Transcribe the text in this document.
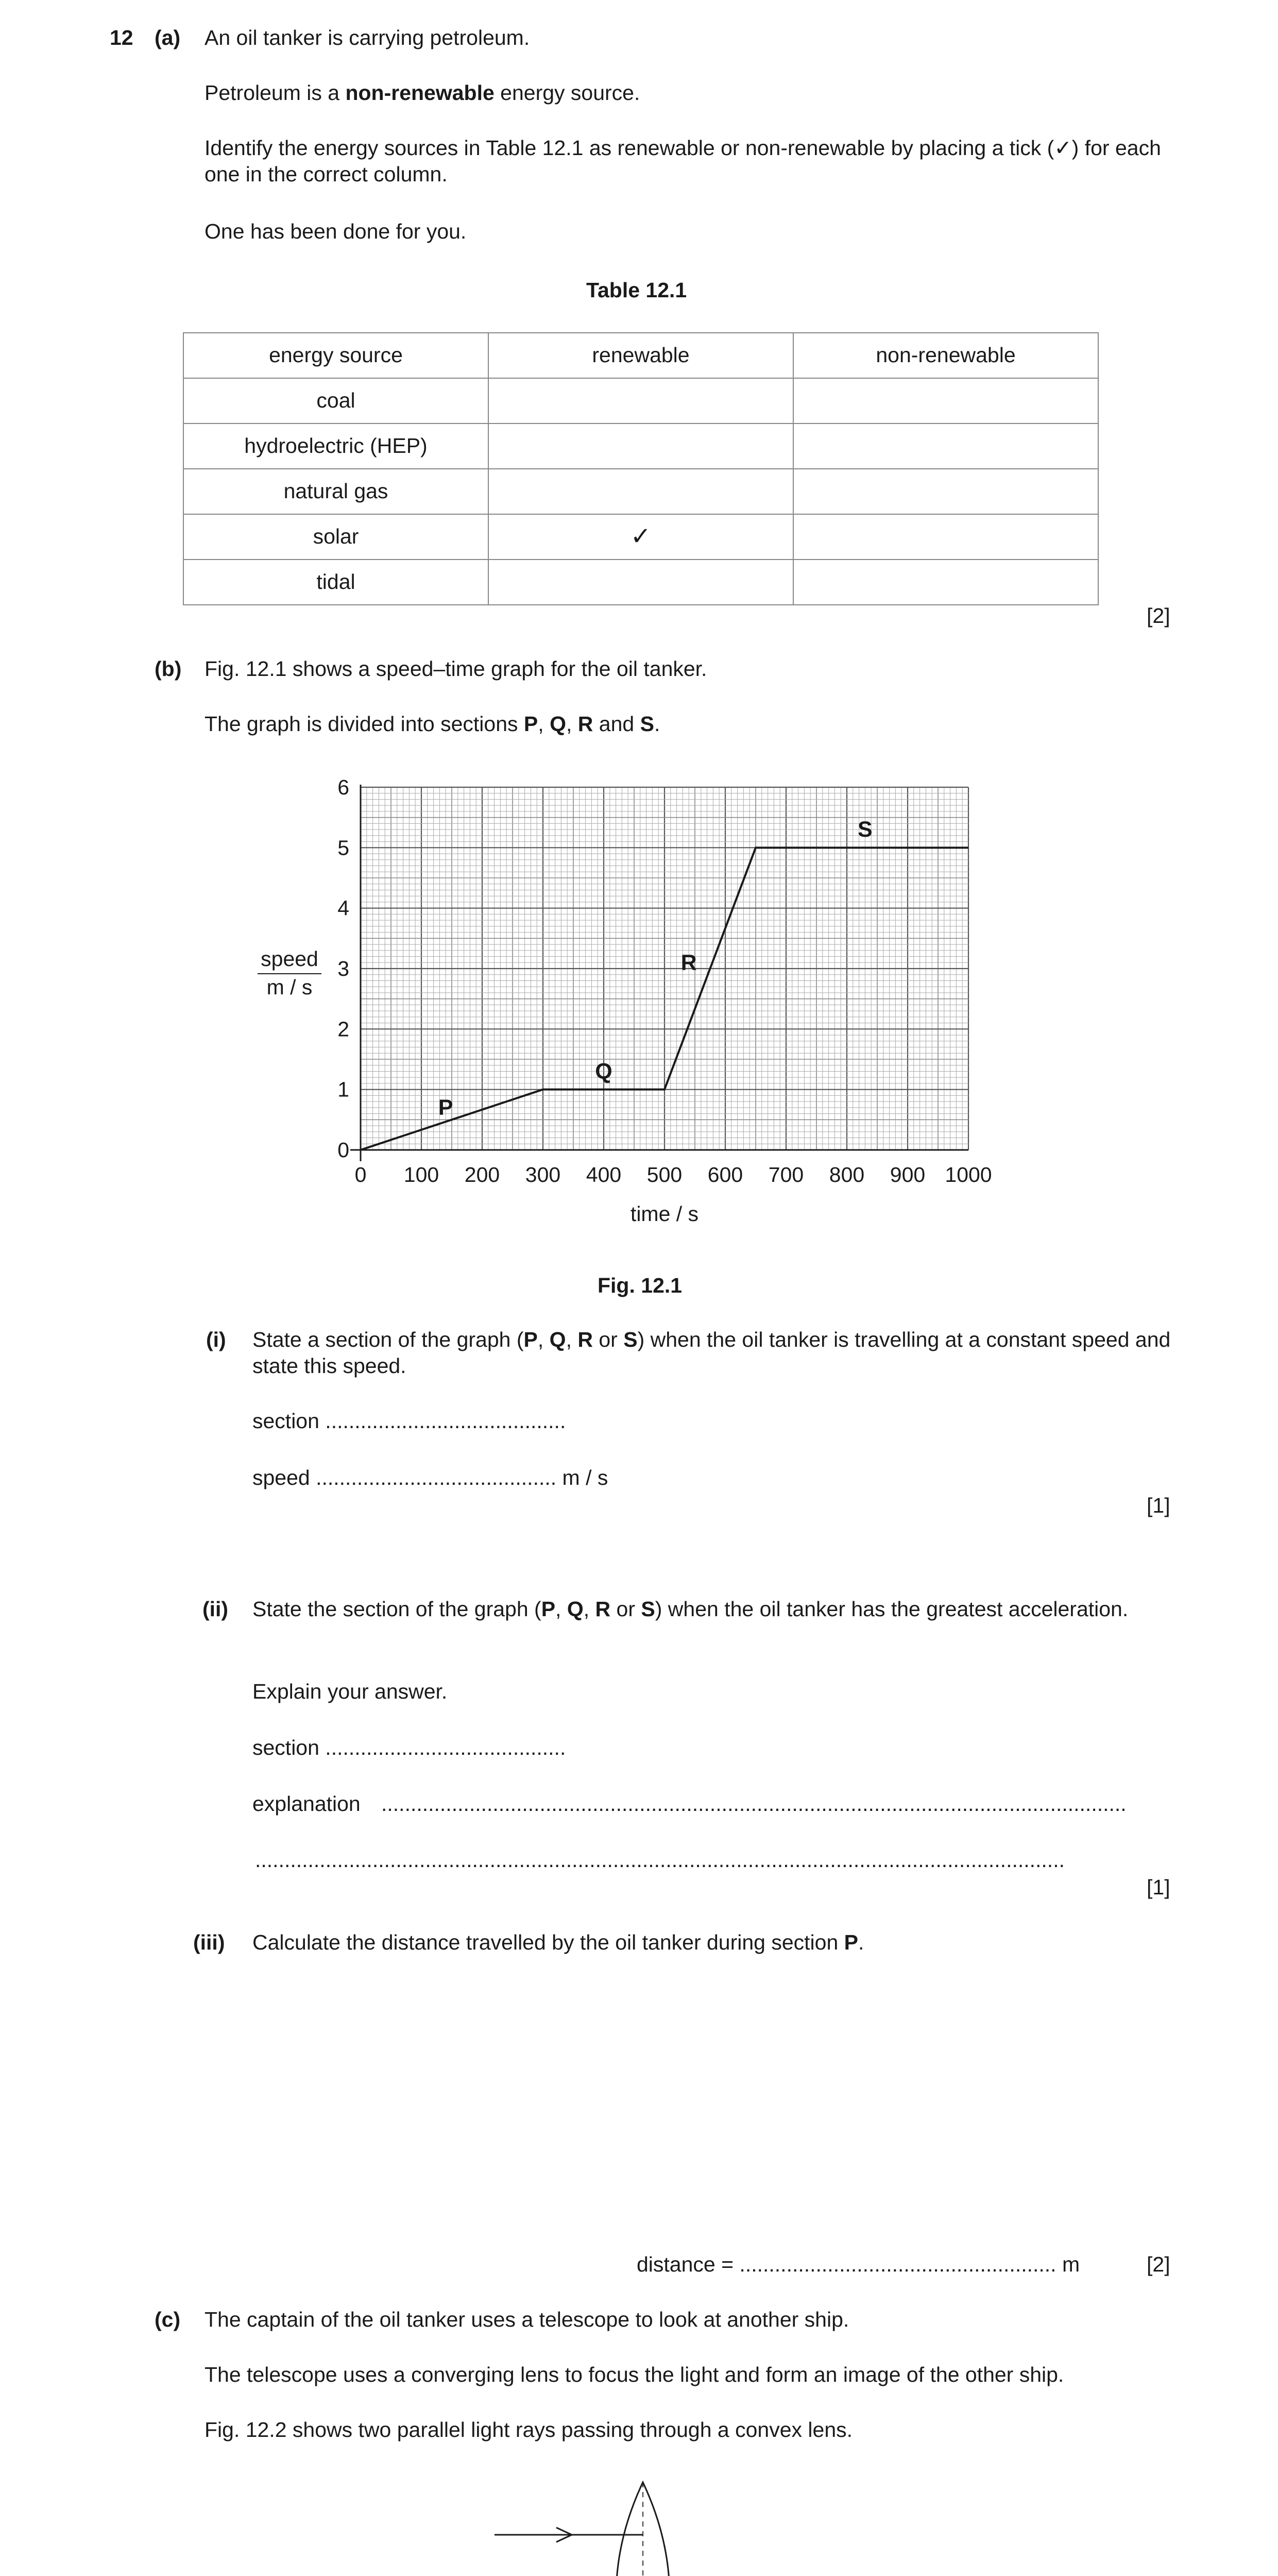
12 (a) An oil tanker is carrying petroleum.
Petroleum is a non-renewable energy source.
Identify the energy sources in Table 12.1 as renewable or non-renewable by placing a tick (✓) for each one in the correct column.
One has been done for you.
Table 12.1
energy source	renewable	non-renewable
coal		
hydroelectric (HEP)		
natural gas		
solar	✓	
tidal		
[2]
(b) Fig. 12.1 shows a speed–time graph for the oil tanker.
The graph is divided into sections P, Q, R and S.
0 100 200 300 400 500 600 700 800 900 1000
0
1
2
3
4
5
6
P
Q
R
S
time / s
speed
m / s
Fig. 12.1
(i) State a section of the graph (P, Q, R or S) when the oil tanker is travelling at a constant speed and state this speed.
section .........................................
speed ......................................... m / s
[1]
(ii) State the section of the graph (P, Q, R or S) when the oil tanker has the greatest acceleration.
Explain your answer.
section .........................................
explanation ...............................................................................................................................
..........................................................................................................................................
[1]
(iii) Calculate the distance travelled by the oil tanker during section P.
distance = ...................................................... m	[2]
(c) The captain of the oil tanker uses a telescope to look at another ship.
The telescope uses a converging lens to focus the light and form an image of the other ship.
Fig. 12.2 shows two parallel light rays passing through a convex lens.
